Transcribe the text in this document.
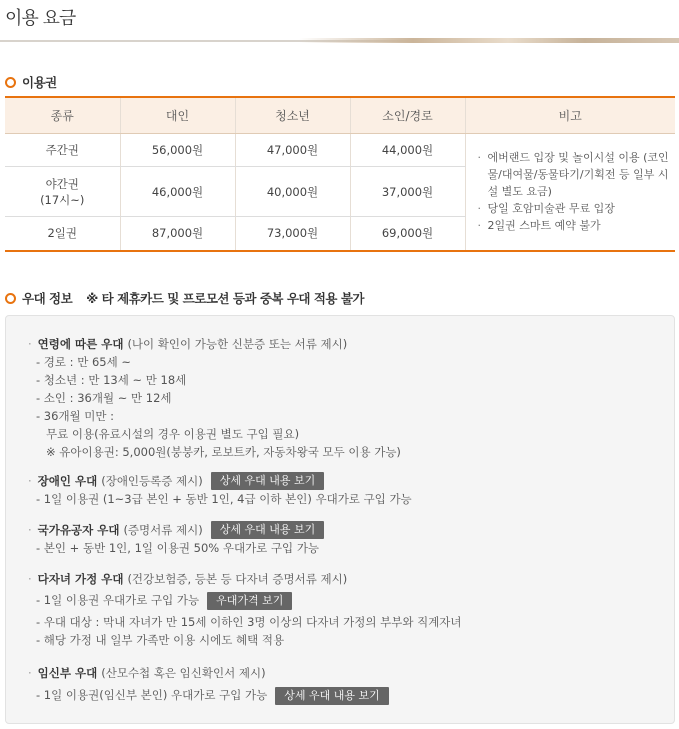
이용 요금
이용권
종류	대인	청소년	소인/경로	비고
주간권	56,000원	47,000원	44,000원	· 에버랜드 입장 및 놀이시설 이용 (코인물/대여물/동물타기/기획전 등 일부 시설 별도 요금)
· 당일 호암미술관 무료 입장
· 2일권 스마트 예약 불가

야간권
(17시~)	46,000원	40,000원	37,000원	
2일권	87,000원	73,000원	69,000원	
우대 정보 ※ 타 제휴카드 및 프로모션 등과 중복 우대 적용 불가
· 연령에 따른 우대 (나이 확인이 가능한 신분증 또는 서류 제시)
- 경로 : 만 65세 ~
- 청소년 : 만 13세 ~ 만 18세
- 소인 : 36개월 ~ 만 12세
- 36개월 미만 :
무료 이용(유료시설의 경우 이용권 별도 구입 필요)
※ 유아이용권: 5,000원(붕붕카, 로보트카, 자동차왕국 모두 이용 가능)
· 장애인 우대 (장애인등록증 제시)	상세 우대 내용 보기
- 1일 이용권 (1~3급 본인 + 동반 1인, 4급 이하 본인) 우대가로 구입 가능
· 국가유공자 우대 (증명서류 제시)	상세 우대 내용 보기
- 본인 + 동반 1인, 1일 이용권 50% 우대가로 구입 가능
· 다자녀 가정 우대 (건강보험증, 등본 등 다자녀 증명서류 제시)
- 1일 이용권 우대가로 구입 가능 우대가격 보기
- 우대 대상 : 막내 자녀가 만 15세 이하인 3명 이상의 다자녀 가정의 부부와 직계자녀
- 해당 가정 내 일부 가족만 이용 시에도 혜택 적용
· 임신부 우대 (산모수첩 혹은 임신확인서 제시)
- 1일 이용권(임신부 본인) 우대가로 구입 가능 상세 우대 내용 보기
